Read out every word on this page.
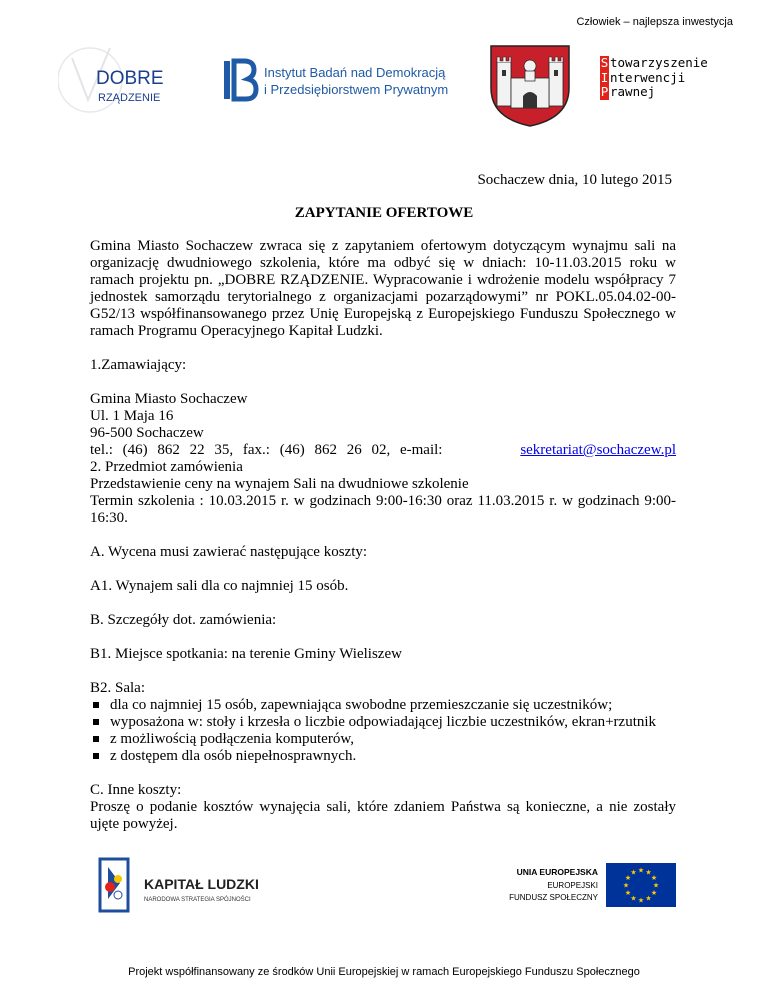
Człowiek – najlepsza inwestycja
DOBRE
RZĄDZENIE
Instytut Badań nad Demokracją
i Przedsiębiorstwem Prywatnym
S towarzyszenie
I nterwencji
P rawnej
Sochaczew dnia, 10 lutego 2015
ZAPYTANIE OFERTOWE

Gmina Miasto Sochaczew zwraca się z zapytaniem ofertowym dotyczącym wynajmu sali na organizację dwudniowego szkolenia, które ma odbyć się w dniach: 10-11.03.2015 roku w ramach projektu pn. „DOBRE RZĄDZENIE. Wypracowanie i wdrożenie modelu współpracy 7 jednostek samorządu terytorialnego z organizacjami pozarządowymi” nr POKL.05.04.02-00-G52/13 współfinansowanego przez Unię Europejską z Europejskiego Funduszu Społecznego w ramach Programu Operacyjnego Kapitał Ludzki.

1.Zamawiający:

Gmina Miasto Sochaczew

Ul. 1 Maja 16

96-500 Sochaczew

tel.: (46) 862 22 35, fax.: (46) 862 26 02, e-mail:	sekretariat@sochaczew.pl

2. Przedmiot zamówienia

Przedstawienie ceny na wynajem Sali na dwudniowe szkolenie

Termin szkolenia : 10.03.2015 r. w godzinach 9:00-16:30 oraz 11.03.2015 r. w godzinach 9:00-16:30.

A. Wycena musi zawierać następujące koszty:

A1. Wynajem sali dla co najmniej 15 osób.

B. Szczegóły dot. zamówienia:

B1. Miejsce spotkania: na terenie Gminy Wieliszew

B2. Sala:

dla co najmniej 15 osób, zapewniająca swobodne przemieszczanie się uczestników;
wyposażona w: stoły i krzesła o liczbie odpowiadającej liczbie uczestników, ekran+rzutnik
z możliwością podłączenia komputerów,
z dostępem dla osób niepełnosprawnych.

C. Inne koszty:

Proszę o podanie kosztów wynajęcia sali, które zdaniem Państwa są konieczne, a nie zostały ujęte powyżej.

KAPITAŁ LUDZKI
NARODOWA STRATEGIA SPÓJNOŚCI
UNIA EUROPEJSKA
EUROPEJSKI
FUNDUSZ SPOŁECZNY
★ ★
★
★
★
★
★
★
★
★
★
★
Projekt współfinansowany ze środków Unii Europejskiej w ramach Europejskiego Funduszu Społecznego
